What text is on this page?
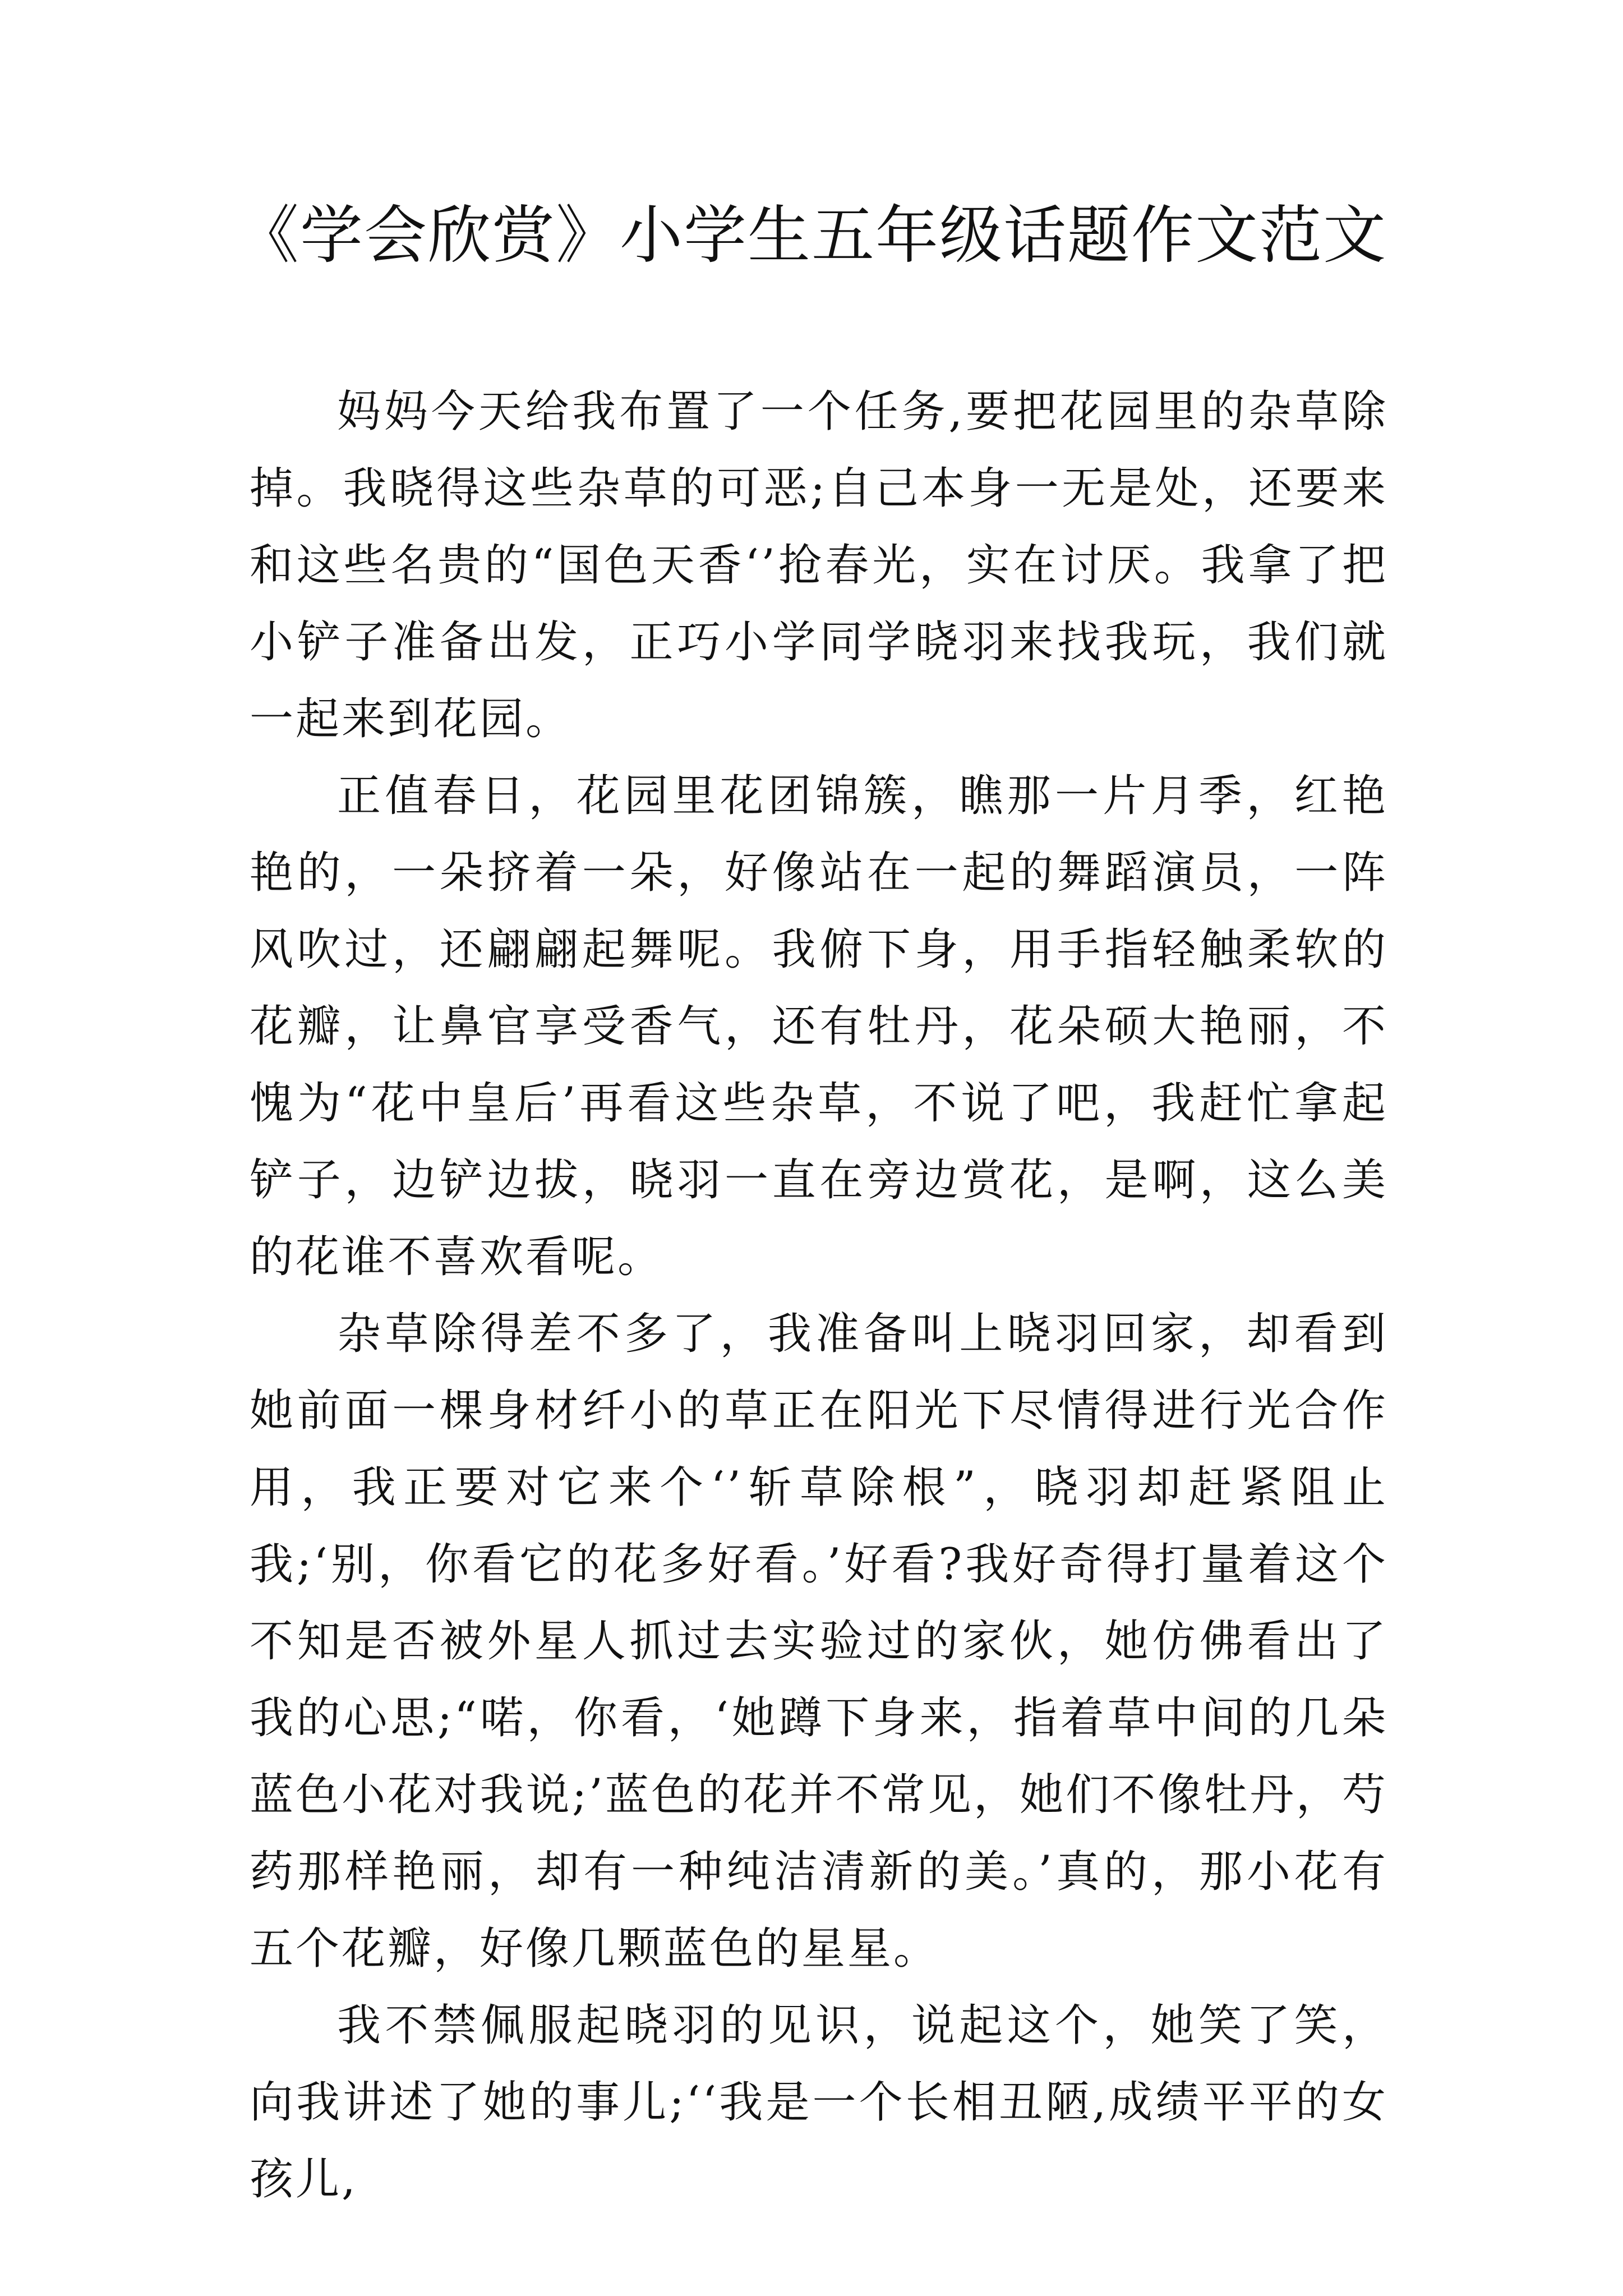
《学会欣赏》小学生五年级话题作文范文

妈妈今天给我布置了一个任务,要把花园里的杂草除掉。我晓得这些杂草的可恶;自己本身一无是处，还要来和这些名贵的“国色天香‘’抢春光，实在讨厌。我拿了把小铲子准备出发，正巧小学同学晓羽来找我玩，我们就一起来到花园。

正值春日，花园里花团锦簇，瞧那一片月季，红艳艳的，一朵挤着一朵，好像站在一起的舞蹈演员，一阵风吹过，还翩翩起舞呢。我俯下身，用手指轻触柔软的花瓣，让鼻官享受香气，还有牡丹，花朵硕大艳丽，不愧为“花中皇后’再看这些杂草，不说了吧，我赶忙拿起铲子，边铲边拔，晓羽一直在旁边赏花，是啊，这么美的花谁不喜欢看呢。

杂草除得差不多了，我准备叫上晓羽回家，却看到她前面一棵身材纤小的草正在阳光下尽情得进行光合作用，我正要对它来个‘’斩草除根”，晓羽却赶紧阻止我;‘别，你看它的花多好看。’好看?我好奇得打量着这个不知是否被外星人抓过去实验过的家伙，她仿佛看出了我的心思;“喏，你看，‘她蹲下身来，指着草中间的几朵蓝色小花对我说;’蓝色的花并不常见，她们不像牡丹，芍药那样艳丽，却有一种纯洁清新的美。’真的，那小花有五个花瓣，好像几颗蓝色的星星。

我不禁佩服起晓羽的见识，说起这个，她笑了笑，向我讲述了她的事儿;‘‘我是一个长相丑陋,成绩平平的女孩儿,
